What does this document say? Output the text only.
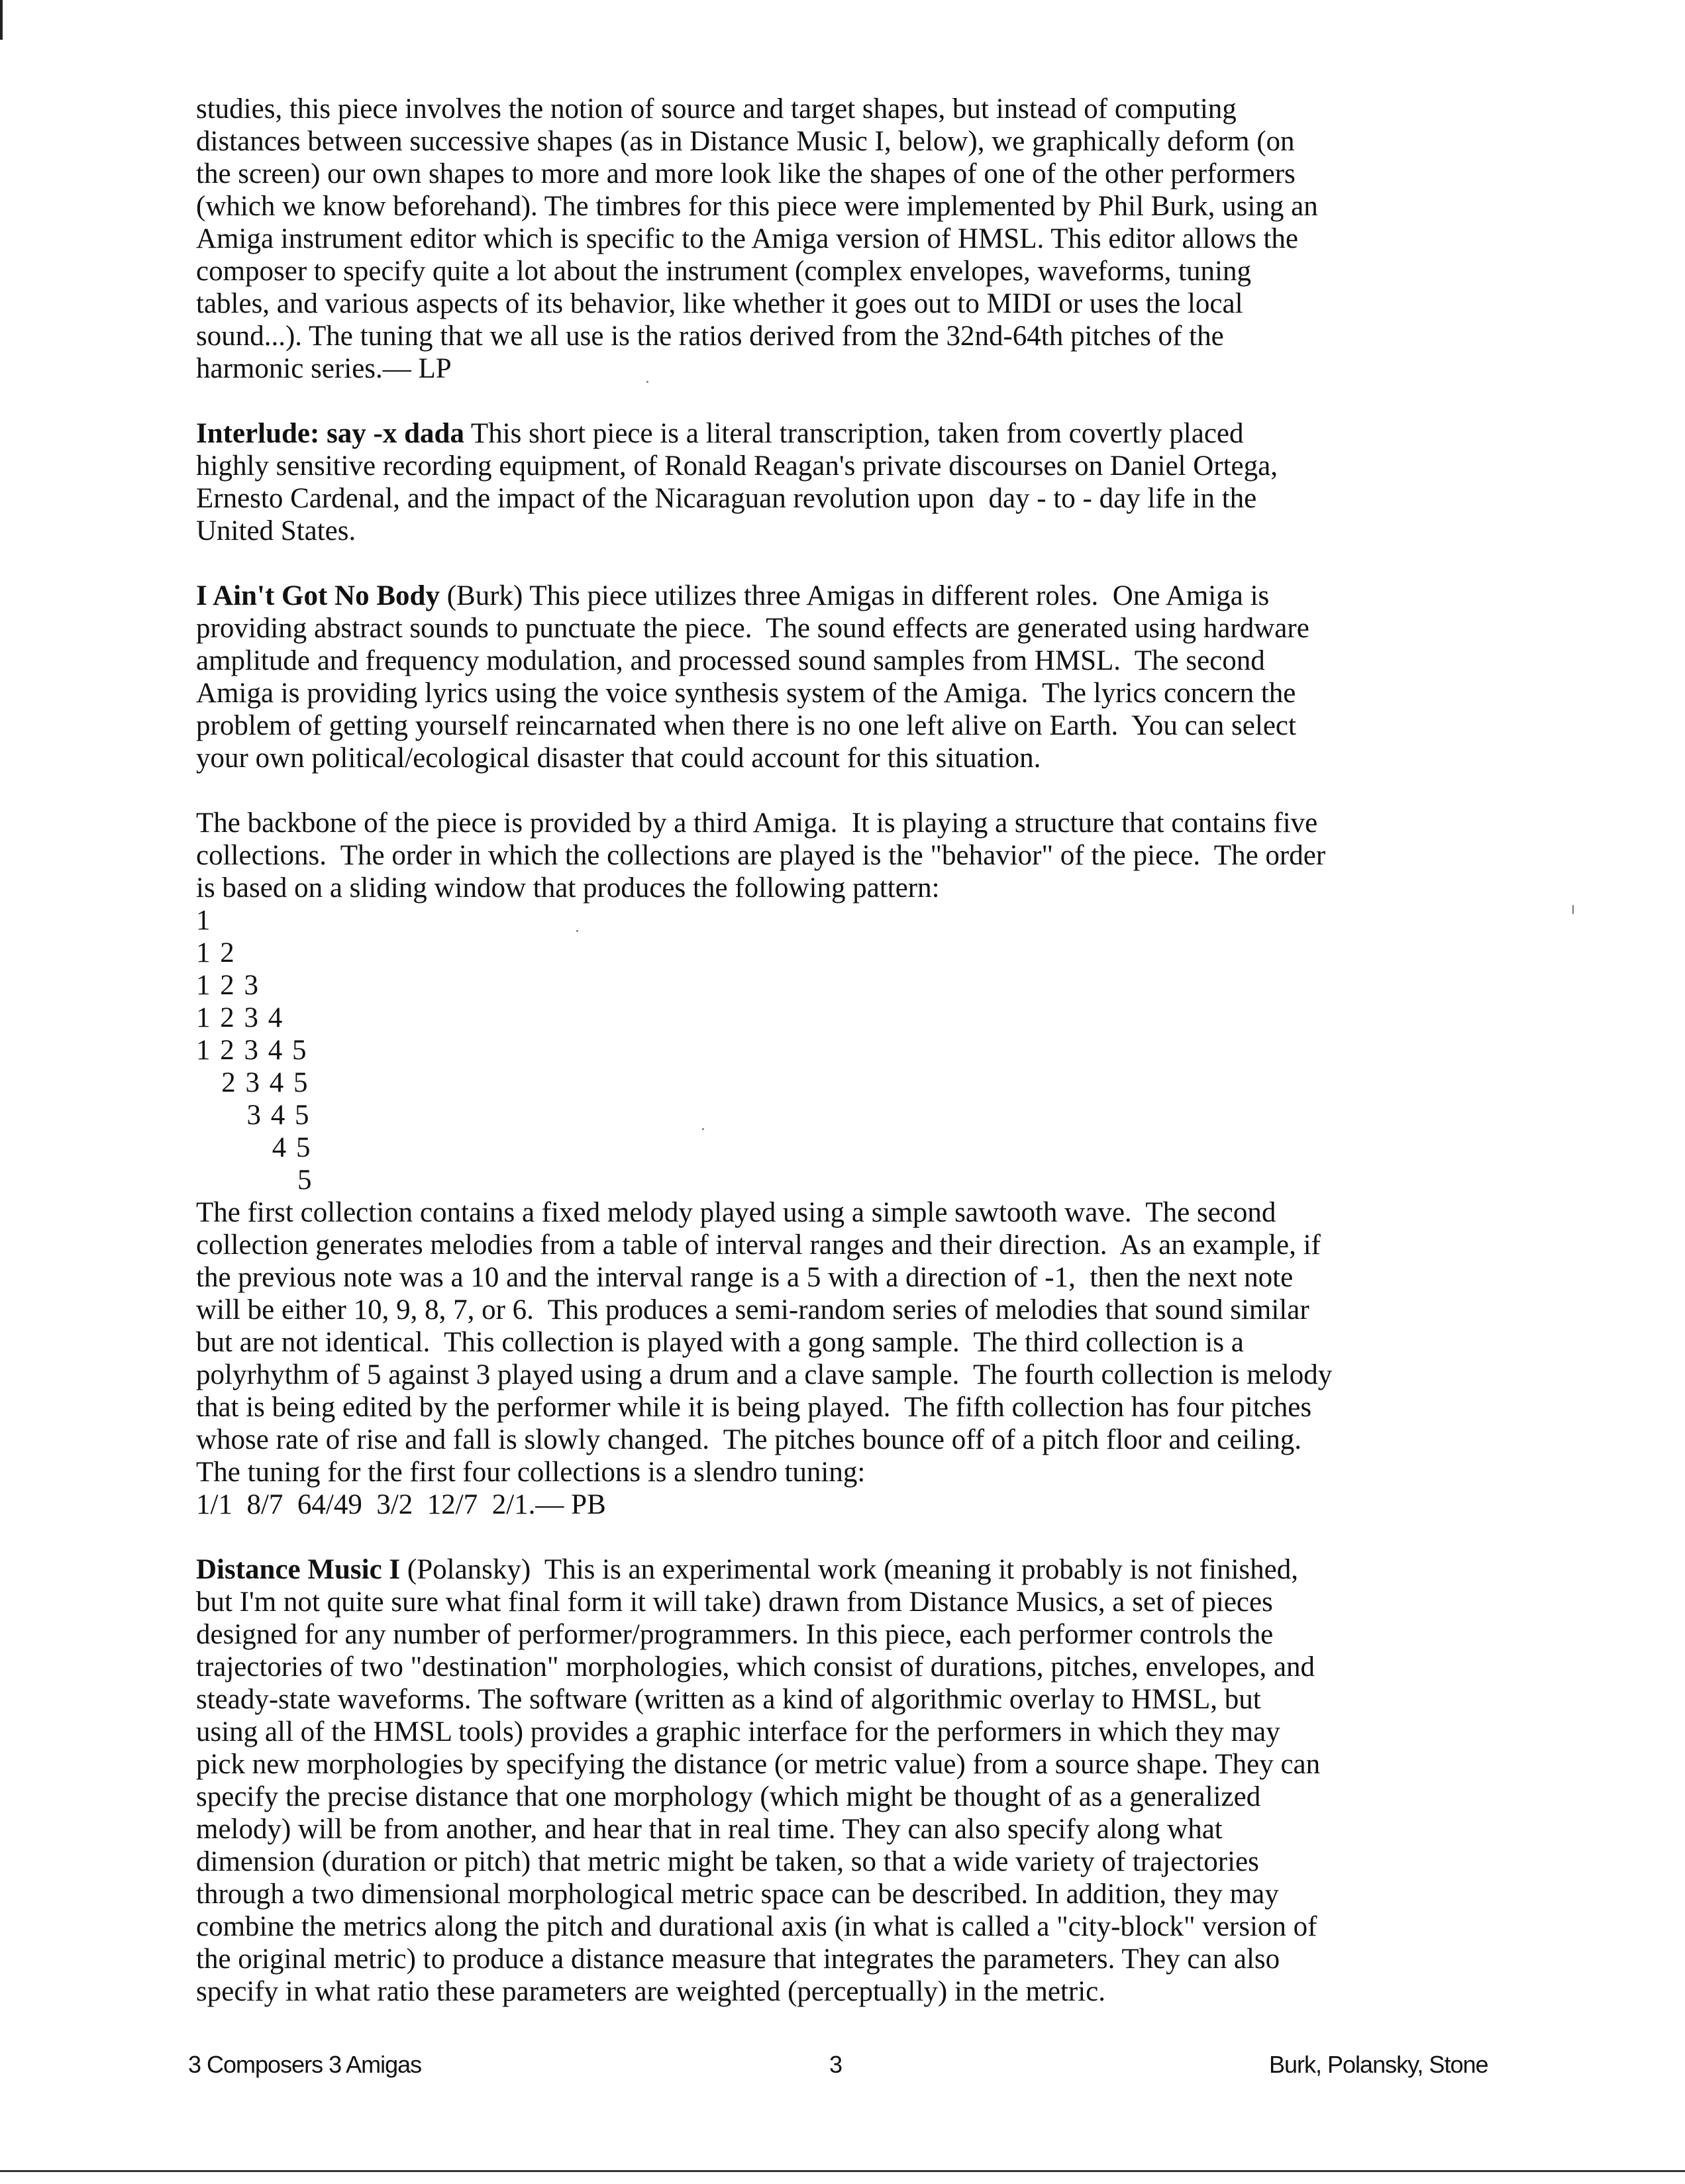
studies, this piece involves the notion of source and target shapes, but instead of computing
distances between successive shapes (as in Distance Music I, below), we graphically deform (on
the screen) our own shapes to more and more look like the shapes of one of the other performers
(which we know beforehand). The timbres for this piece were implemented by Phil Burk, using an
Amiga instrument editor which is specific to the Amiga version of HMSL. This editor allows the
composer to specify quite a lot about the instrument (complex envelopes, waveforms, tuning
tables, and various aspects of its behavior, like whether it goes out to MIDI or uses the local
sound...). The tuning that we all use is the ratios derived from the 32nd-64th pitches of the
harmonic series.— LP

Interlude: say -x dada This short piece is a literal transcription, taken from covertly placed
highly sensitive recording equipment, of Ronald Reagan's private discourses on Daniel Ortega,
Ernesto Cardenal, and the impact of the Nicaraguan revolution upon  day - to - day life in the
United States.

I Ain't Got No Body (Burk) This piece utilizes three Amigas in different roles.  One Amiga is
providing abstract sounds to punctuate the piece.  The sound effects are generated using hardware
amplitude and frequency modulation, and processed sound samples from HMSL.  The second
Amiga is providing lyrics using the voice synthesis system of the Amiga.  The lyrics concern the
problem of getting yourself reincarnated when there is no one left alive on Earth.  You can select
your own political/ecological disaster that could account for this situation.

The backbone of the piece is provided by a third Amiga.  It is playing a structure that contains five
collections.  The order in which the collections are played is the "behavior" of the piece.  The order
is based on a sliding window that produces the following pattern:
1
1 2
1 2 3
1 2 3 4
1 2 3 4 5
2 3 4 5
3 4 5
4 5
5
The first collection contains a fixed melody played using a simple sawtooth wave.  The second
collection generates melodies from a table of interval ranges and their direction.  As an example, if
the previous note was a 10 and the interval range is a 5 with a direction of -1,  then the next note
will be either 10, 9, 8, 7, or 6.  This produces a semi-random series of melodies that sound similar
but are not identical.  This collection is played with a gong sample.  The third collection is a
polyrhythm of 5 against 3 played using a drum and a clave sample.  The fourth collection is melody
that is being edited by the performer while it is being played.  The fifth collection has four pitches
whose rate of rise and fall is slowly changed.  The pitches bounce off of a pitch floor and ceiling.
The tuning for the first four collections is a slendro tuning:
1/1  8/7  64/49  3/2  12/7  2/1.— PB

Distance Music I (Polansky)  This is an experimental work (meaning it probably is not finished,
but I'm not quite sure what final form it will take) drawn from Distance Musics, a set of pieces
designed for any number of performer/programmers. In this piece, each performer controls the
trajectories of two "destination" morphologies, which consist of durations, pitches, envelopes, and
steady-state waveforms. The software (written as a kind of algorithmic overlay to HMSL, but
using all of the HMSL tools) provides a graphic interface for the performers in which they may
pick new morphologies by specifying the distance (or metric value) from a source shape. They can
specify the precise distance that one morphology (which might be thought of as a generalized
melody) will be from another, and hear that in real time. They can also specify along what
dimension (duration or pitch) that metric might be taken, so that a wide variety of trajectories
through a two dimensional morphological metric space can be described. In addition, they may
combine the metrics along the pitch and durational axis (in what is called a "city-block" version of
the original metric) to produce a distance measure that integrates the parameters. They can also
specify in what ratio these parameters are weighted (perceptually) in the metric.

3 Composers 3 Amigas	3	Burk, Polansky, Stone
